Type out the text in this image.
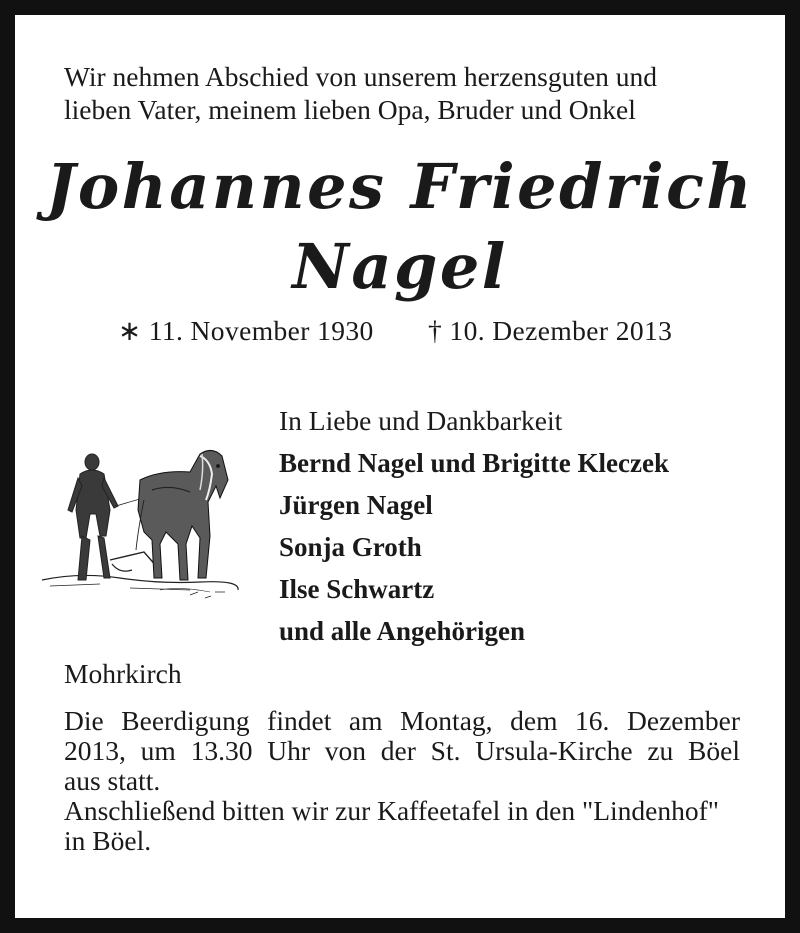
Wir nehmen Abschied von unserem herzensguten und
lieben Vater, meinem lieben Opa, Bruder und Onkel
Johannes Friedrich
Nagel
∗ 11. November 1930 † 10. Dezember 2013
In Liebe und Dankbarkeit
Bernd Nagel und Brigitte Kleczek
Jürgen Nagel
Sonja Groth
Ilse Schwartz
und alle Angehörigen
Mohrkirch
Die Beerdigung findet am Montag, dem 16. Dezember
2013, um 13.30 Uhr von der St. Ursula-Kirche zu Böel
aus statt.
Anschließend bitten wir zur Kaffeetafel in den "Lindenhof"
in Böel.
